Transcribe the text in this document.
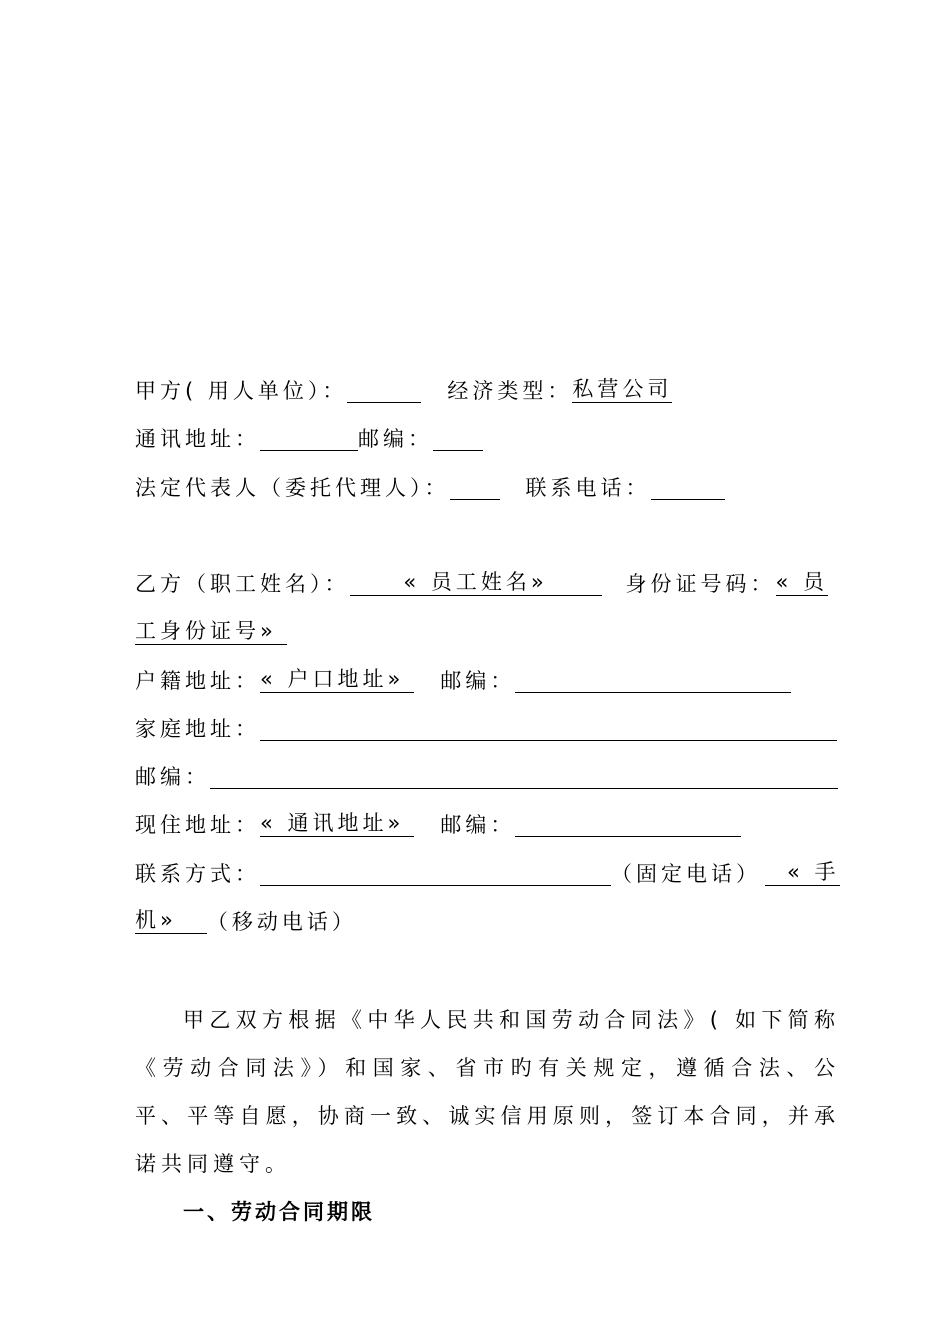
甲方( 用人单位）：	经济类型：私营公司
通讯地址：	邮编：
法定代表人（委托代理人）：	联系电话：
乙方（职工姓名）：	« 员工姓名»	身份证号码：« 员
工身份证号»
户籍地址：« 户口地址» 邮编：
家庭地址：
邮编：
现住地址：« 通讯地址» 邮编：
联系方式：	（固定电话） « 手
机» （移动电话）

甲乙双方根据《中华人民共和国劳动合同法》( 如下简称《劳动合同法》）和国家、省市旳有关规定，遵循合法、公平、平等自愿，协商一致、诚实信用原则，签订本合同，并承诺共同遵守。

一、劳动合同期限
